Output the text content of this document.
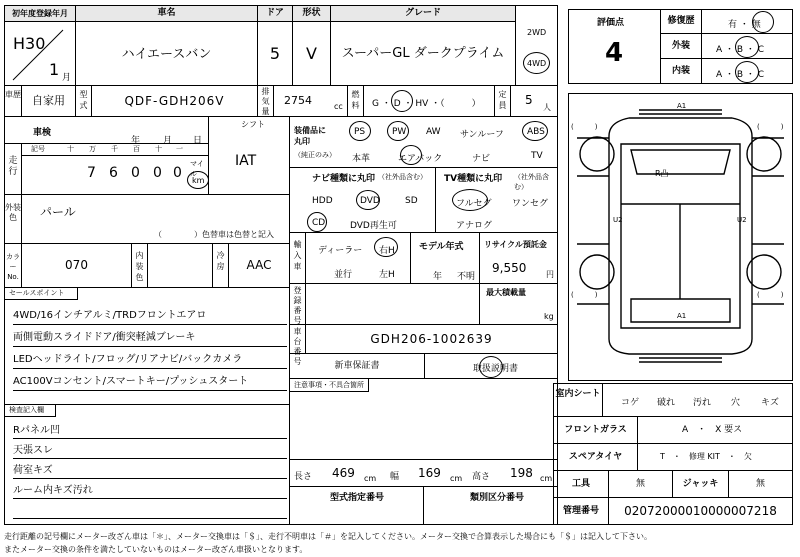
初年度登録年月	車名	ドア	形状	グレード
H30
1 月
ハイエースバン	5	V	スーパーGL ダークプライム
2WD
4WD
車歴	自家用	型式	QDF-GDH206V
排気量
2754	cc
燃料	G ・ D ・ HV ・（　　　）
定員	5
人
車検
年	月 日
シフト
IAT
走行
記号	十 万 千 百 十 一
7 6 0 0 0
マイル
km
外装色	パール
（　　　　）色替車は色替と記入
カラーNo.
070
内装色
冷房	AAC
セールスポイント
4WD/16インチアルミ/TRDフロントエアロ
両側電動スライドドア/衝突軽減ブレーキ
LEDヘッドライト/フロッグ/リアナビ/バックカメラ
AC100Vコンセント/スマートキー/プッシュスタート
検査記入欄
Rパネル凹
天張スレ
荷室キズ
ルーム内キズ汚れ
装備品に丸印
（純正のみ）
PS	PW AW サンルーフ	ABS
本革	エアバック	ナビ	TV
ナビ種類に丸印 （社外品含む）
HDD	DVD	SD
CD	DVD再生可
TV種類に丸印 （社外品含む）
フルセグ ワンセグ
アナログ
輸入車
ディーラー
並行
右H
左H
モデル年式
年 不明
リサイクル預託金
9,550 円
登録番号
最大積載量
kg
車台番号
GDH206-1002639
新車保証書	取扱説明書
注意事項・不具合箇所
長さ 469 cm 幅 169 cm 高さ 198 cm
型式指定番号	類別区分番号
評価点
4
修復歴	有 ・ 無
外装	A ・ B ・ C
内装	A ・ B ・ C
A1
A1
U2	U2
R凸
(　　　)	(　　　)
(　　　)	(　　　)
室内シート
コゲ 破れ 汚れ 穴 キズ
フロントガラス	A　・　X 要ス
スペアタイヤ	T　・　修理 KIT　・　欠
工具	無	ジャッキ	無
管理番号	02072000010000007218
走行距離の記号欄にメーター改ざん車は「＊」、メーター交換車は「＄」、走行不明車は「＃」を記入してください。メーター交換で合算表示した場合にも「＄」は記入して下さい。
またメーター交換の条件を満たしていないものはメーター改ざん車扱いとなります。
